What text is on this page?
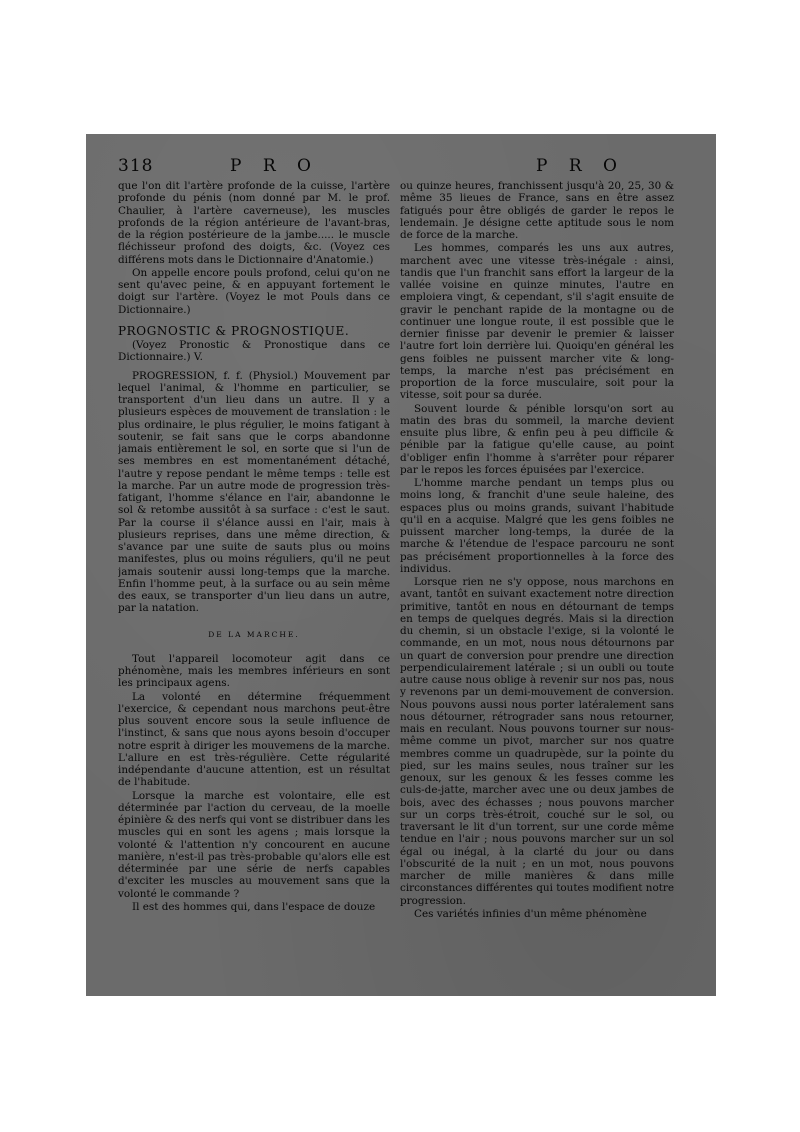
318	P R O	P R O

que l'on dit l'artère profonde de la cuisse, l'artère profonde du pénis (nom donné par M. le prof. Chaulier, à l'artère caverneuse), les muscles profonds de la région antérieure de l'avant-bras, de la région postérieure de la jambe..... le muscle fléchisseur profond des doigts, &c. (Voyez ces différens mots dans le Dictionnaire d'Anatomie.)

On appelle encore pouls profond, celui qu'on ne sent qu'avec peine, & en appuyant fortement le doigt sur l'artère. (Voyez le mot Pouls dans ce Dictionnaire.)

PROGNOSTIC & PROGNOSTIQUE.

(Voyez Pronostic & Pronostique dans ce Dictionnaire.) V.

PROGRESSION, f. f. (Physiol.) Mouvement par lequel l'animal, & l'homme en particulier, se transportent d'un lieu dans un autre. Il y a plusieurs espèces de mouvement de translation : le plus ordinaire, le plus régulier, le moins fatigant à soutenir, se fait sans que le corps abandonne jamais entièrement le sol, en sorte que si l'un de ses membres en est momentanément détaché, l'autre y repose pendant le même temps : telle est la marche. Par un autre mode de progression très-fatigant, l'homme s'élance en l'air, abandonne le sol & retombe aussitôt à sa surface : c'est le saut. Par la course il s'élance aussi en l'air, mais à plusieurs reprises, dans une même direction, & s'avance par une suite de sauts plus ou moins manifestes, plus ou moins réguliers, qu'il ne peut jamais soutenir aussi long-temps que la marche. Enfin l'homme peut, à la surface ou au sein même des eaux, se transporter d'un lieu dans un autre, par la natation.

DE LA MARCHE.

Tout l'appareil locomoteur agit dans ce phénomène, mais les membres inférieurs en sont les principaux agens.

La volonté en détermine fréquemment l'exercice, & cependant nous marchons peut-être plus souvent encore sous la seule influence de l'instinct, & sans que nous ayons besoin d'occuper notre esprit à diriger les mouvemens de la marche. L'allure en est très-régulière. Cette régularité indépendante d'aucune attention, est un résultat de l'habitude.

Lorsque la marche est volontaire, elle est déterminée par l'action du cerveau, de la moelle épinière & des nerfs qui vont se distribuer dans les muscles qui en sont les agens ; mais lorsque la volonté & l'attention n'y concourent en aucune manière, n'est-il pas très-probable qu'alors elle est déterminée par une série de nerfs capables d'exciter les muscles au mouvement sans que la volonté le commande ?

Il est des hommes qui, dans l'espace de douze

ou quinze heures, franchissent jusqu'à 20, 25, 30 & même 35 lieues de France, sans en être assez fatigués pour être obligés de garder le repos le lendemain. Je désigne cette aptitude sous le nom de force de la marche.

Les hommes, comparés les uns aux autres, marchent avec une vitesse très-inégale : ainsi, tandis que l'un franchit sans effort la largeur de la vallée voisine en quinze minutes, l'autre en emploiera vingt, & cependant, s'il s'agit ensuite de gravir le penchant rapide de la montagne ou de continuer une longue route, il est possible que le dernier finisse par devenir le premier & laisser l'autre fort loin derrière lui. Quoiqu'en général les gens foibles ne puissent marcher vite & long-temps, la marche n'est pas précisément en proportion de la force musculaire, soit pour la vitesse, soit pour sa durée.

Souvent lourde & pénible lorsqu'on sort au matin des bras du sommeil, la marche devient ensuite plus libre, & enfin peu à peu difficile & pénible par la fatigue qu'elle cause, au point d'obliger enfin l'homme à s'arrêter pour réparer par le repos les forces épuisées par l'exercice.

L'homme marche pendant un temps plus ou moins long, & franchit d'une seule haleine, des espaces plus ou moins grands, suivant l'habitude qu'il en a acquise. Malgré que les gens foibles ne puissent marcher long-temps, la durée de la marche & l'étendue de l'espace parcouru ne sont pas précisément proportionnelles à la force des individus.

Lorsque rien ne s'y oppose, nous marchons en avant, tantôt en suivant exactement notre direction primitive, tantôt en nous en détournant de temps en temps de quelques degrés. Mais si la direction du chemin, si un obstacle l'exige, si la volonté le commande, en un mot, nous nous détournons par un quart de conversion pour prendre une direction perpendiculairement latérale ; si un oubli ou toute autre cause nous oblige à revenir sur nos pas, nous y revenons par un demi-mouvement de conversion. Nous pouvons aussi nous porter latéralement sans nous détourner, rétrograder sans nous retourner, mais en reculant. Nous pouvons tourner sur nous-même comme un pivot, marcher sur nos quatre membres comme un quadrupède, sur la pointe du pied, sur les mains seules, nous traîner sur les genoux, sur les genoux & les fesses comme les culs-de-jatte, marcher avec une ou deux jambes de bois, avec des échasses ; nous pouvons marcher sur un corps très-étroit, couché sur le sol, ou traversant le lit d'un torrent, sur une corde même tendue en l'air ; nous pouvons marcher sur un sol égal ou inégal, à la clarté du jour ou dans l'obscurité de la nuit ; en un mot, nous pouvons marcher de mille manières & dans mille circonstances différentes qui toutes modifient notre progression.

Ces variétés infinies d'un même phénomène
